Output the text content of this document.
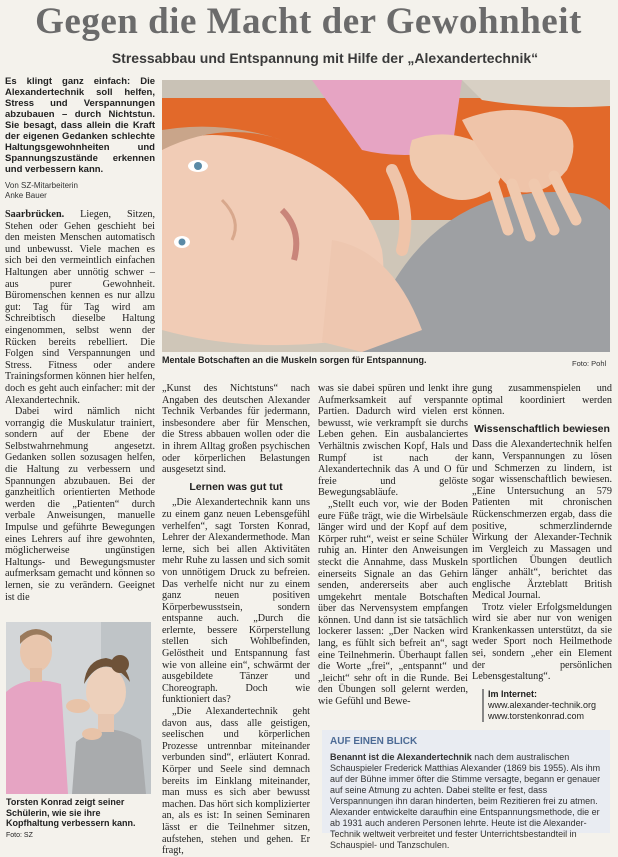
Gegen die Macht der Gewohnheit
Stressabbau und Entspannung mit Hilfe der „Alexandertechnik“
Es klingt ganz einfach: Die Alexandertechnik soll helfen, Stress und Verspannungen abzubauen – durch Nichtstun. Sie besagt, dass allein die Kraft der eigenen Gedanken schlechte Haltungsgewohnheiten und Spannungszustände erkennen und verbessern kann.
Von SZ-Mitarbeiterin
Anke Bauer

Saarbrücken. Liegen, Sitzen, Stehen oder Gehen geschieht bei den meisten Menschen automatisch und unbewusst. Viele machen es sich bei den vermeintlich einfachen Haltungen aber unnötig schwer – aus purer Gewohnheit. Büromenschen kennen es nur allzu gut: Tag für Tag wird am Schreibtisch dieselbe Haltung eingenommen, selbst wenn der Rücken bereits rebelliert. Die Folgen sind Verspannungen und Stress. Fitness oder andere Trainingsformen können hier helfen, doch es geht auch einfacher: mit der Alexandertechnik.

Dabei wird nämlich nicht vorrangig die Muskulatur trainiert, sondern auf der Ebene der Selbstwahrnehmung angesetzt. Gedanken sollen sozusagen helfen, die Haltung zu verbessern und Spannungen abzubauen. Bei der ganzheitlich orientierten Methode werden die „Patienten“ durch verbale Anweisungen, manuelle Impulse und geführte Bewegungen eines Lehrers auf ihre gewohnten, möglicherweise ungünstigen Haltungs- und Bewegungsmuster aufmerksam gemacht und können so lernen, sie zu verändern. Geeignet ist die

Torsten Konrad zeigt seiner Schülerin, wie sie ihre Kopfhaltung verbessern kann. Foto: SZ
Mentale Botschaften an die Muskeln sorgen für Entspannung.	Foto: Pohl

„Kunst des Nichtstuns“ nach Angaben des deutschen Alexander Technik Verbandes für jedermann, insbesondere aber für Menschen, die Stress abbauen wollen oder die in ihrem Alltag großen psychischen oder körperlichen Belastungen ausgesetzt sind.

Lernen was gut tut

„Die Alexandertechnik kann uns zu einem ganz neuen Lebensgefühl verhelfen“, sagt Torsten Konrad, Lehrer der Alexandermethode. Man lerne, sich bei allen Aktivitäten mehr Ruhe zu lassen und sich somit von unnötigem Druck zu befreien. Das verhelfe nicht nur zu einem ganz neuen positiven Körperbewusstsein, sondern entspanne auch. „Durch die erlernte, bessere Körperstellung stellen sich Wohlbefinden, Gelöstheit und Entspannung fast wie von alleine ein“, schwärmt der ausgebildete Tänzer und Choreograph. Doch wie funktioniert das?

„Die Alexandertechnik geht davon aus, dass alle geistigen, seelischen und körperlichen Prozesse untrennbar miteinander verbunden sind“, erläutert Konrad. Körper und Seele sind demnach bereits im Einklang miteinander, man muss es sich aber bewusst machen. Das hört sich komplizierter an, als es ist: In seinen Seminaren lässt er die Teilnehmer sitzen, aufstehen, stehen und gehen. Er fragt,

was sie dabei spüren und lenkt ihre Aufmerksamkeit auf verspannte Partien. Dadurch wird vielen erst bewusst, wie verkrampft sie durchs Leben gehen. Ein ausbalanciertes Verhältnis zwischen Kopf, Hals und Rumpf ist nach der Alexandertechnik das A und O für freie und gelöste Bewegungsabläufe.

„Stellt euch vor, wie der Boden eure Füße trägt, wie die Wirbelsäule länger wird und der Kopf auf dem Körper ruht“, weist er seine Schüler ruhig an. Hinter den Anweisungen steckt die Annahme, dass Muskeln einerseits Signale an das Gehirn senden, andererseits aber auch umgekehrt mentale Botschaften über das Nervensystem empfangen können. Und dann ist sie tatsächlich lockerer lassen: „Der Nacken wird lang, es fühlt sich befreit an“, sagt eine Teilnehmerin. Überhaupt fallen die Worte „frei“, „entspannt“ und „leicht“ sehr oft in die Runde. Bei den Übungen soll gelernt werden, wie Gefühl und Bewe-

gung zusammenspielen und optimal koordiniert werden können.

Wissenschaftlich bewiesen

Dass die Alexandertechnik helfen kann, Verspannungen zu lösen und Schmerzen zu lindern, ist sogar wissenschaftlich bewiesen. „Eine Untersuchung an 579 Patienten mit chronischen Rückenschmerzen ergab, dass die positive, schmerzlindernde Wirkung der Alexander-Technik im Vergleich zu Massagen und sportlichen Übungen deutlich länger anhält“, berichtet das englische Ärzteblatt British Medical Journal.

Trotz vieler Erfolgsmeldungen wird sie aber nur von wenigen Krankenkassen unterstützt, da sie weder Sport noch Heilmethode sei, sondern „eher ein Element der persönlichen Lebensgestaltung“.

Im Internet:
www.alexander-technik.org
www.torstenkonrad.com
AUF EINEN BLICK
Benannt ist die Alexandertechnik nach dem australischen Schauspieler Frederick Matthias Alexander (1869 bis 1955). Als ihm auf der Bühne immer öfter die Stimme versagte, begann er genauer auf seine Atmung zu achten. Dabei stellte er fest, dass Verspannungen ihn daran hinderten, beim Rezitieren frei zu atmen. Alexander entwickelte daraufhin eine Entspannungsmethode, die er ab 1931 auch anderen Personen lehrte. Heute ist die Alexander-Technik weltweit verbreitet und fester Unterrichtsbestandteil in Schauspiel- und Tanzschulen.
